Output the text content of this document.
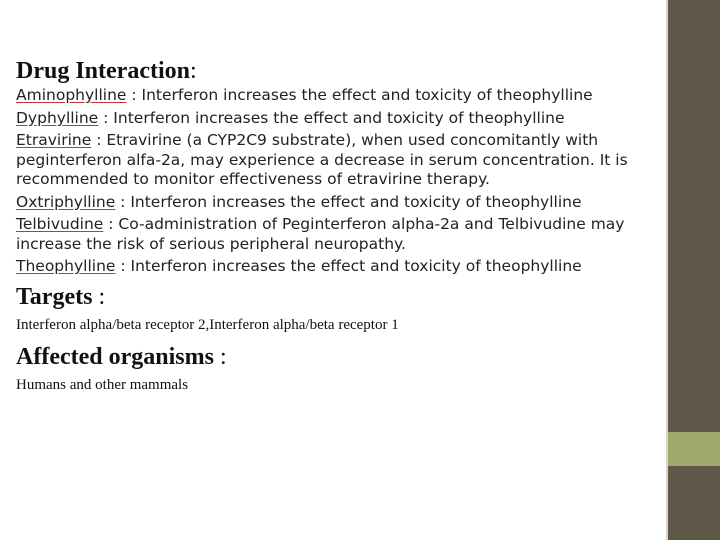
Drug Interaction:
Aminophylline : Interferon increases the effect and toxicity of theophylline
Dyphylline : Interferon increases the effect and toxicity of theophylline
Etravirine : Etravirine (a CYP2C9 substrate), when used concomitantly with peginterferon alfa-2a, may experience a decrease in serum concentration. It is recommended to monitor effectiveness of etravirine therapy.
Oxtriphylline : Interferon increases the effect and toxicity of theophylline
Telbivudine : Co-administration of Peginterferon alpha-2a and Telbivudine may increase the risk of serious peripheral neuropathy.
Theophylline : Interferon increases the effect and toxicity of theophylline
Targets :
Interferon alpha/beta receptor 2,Interferon alpha/beta receptor 1
Affected organisms :
Humans and other mammals
